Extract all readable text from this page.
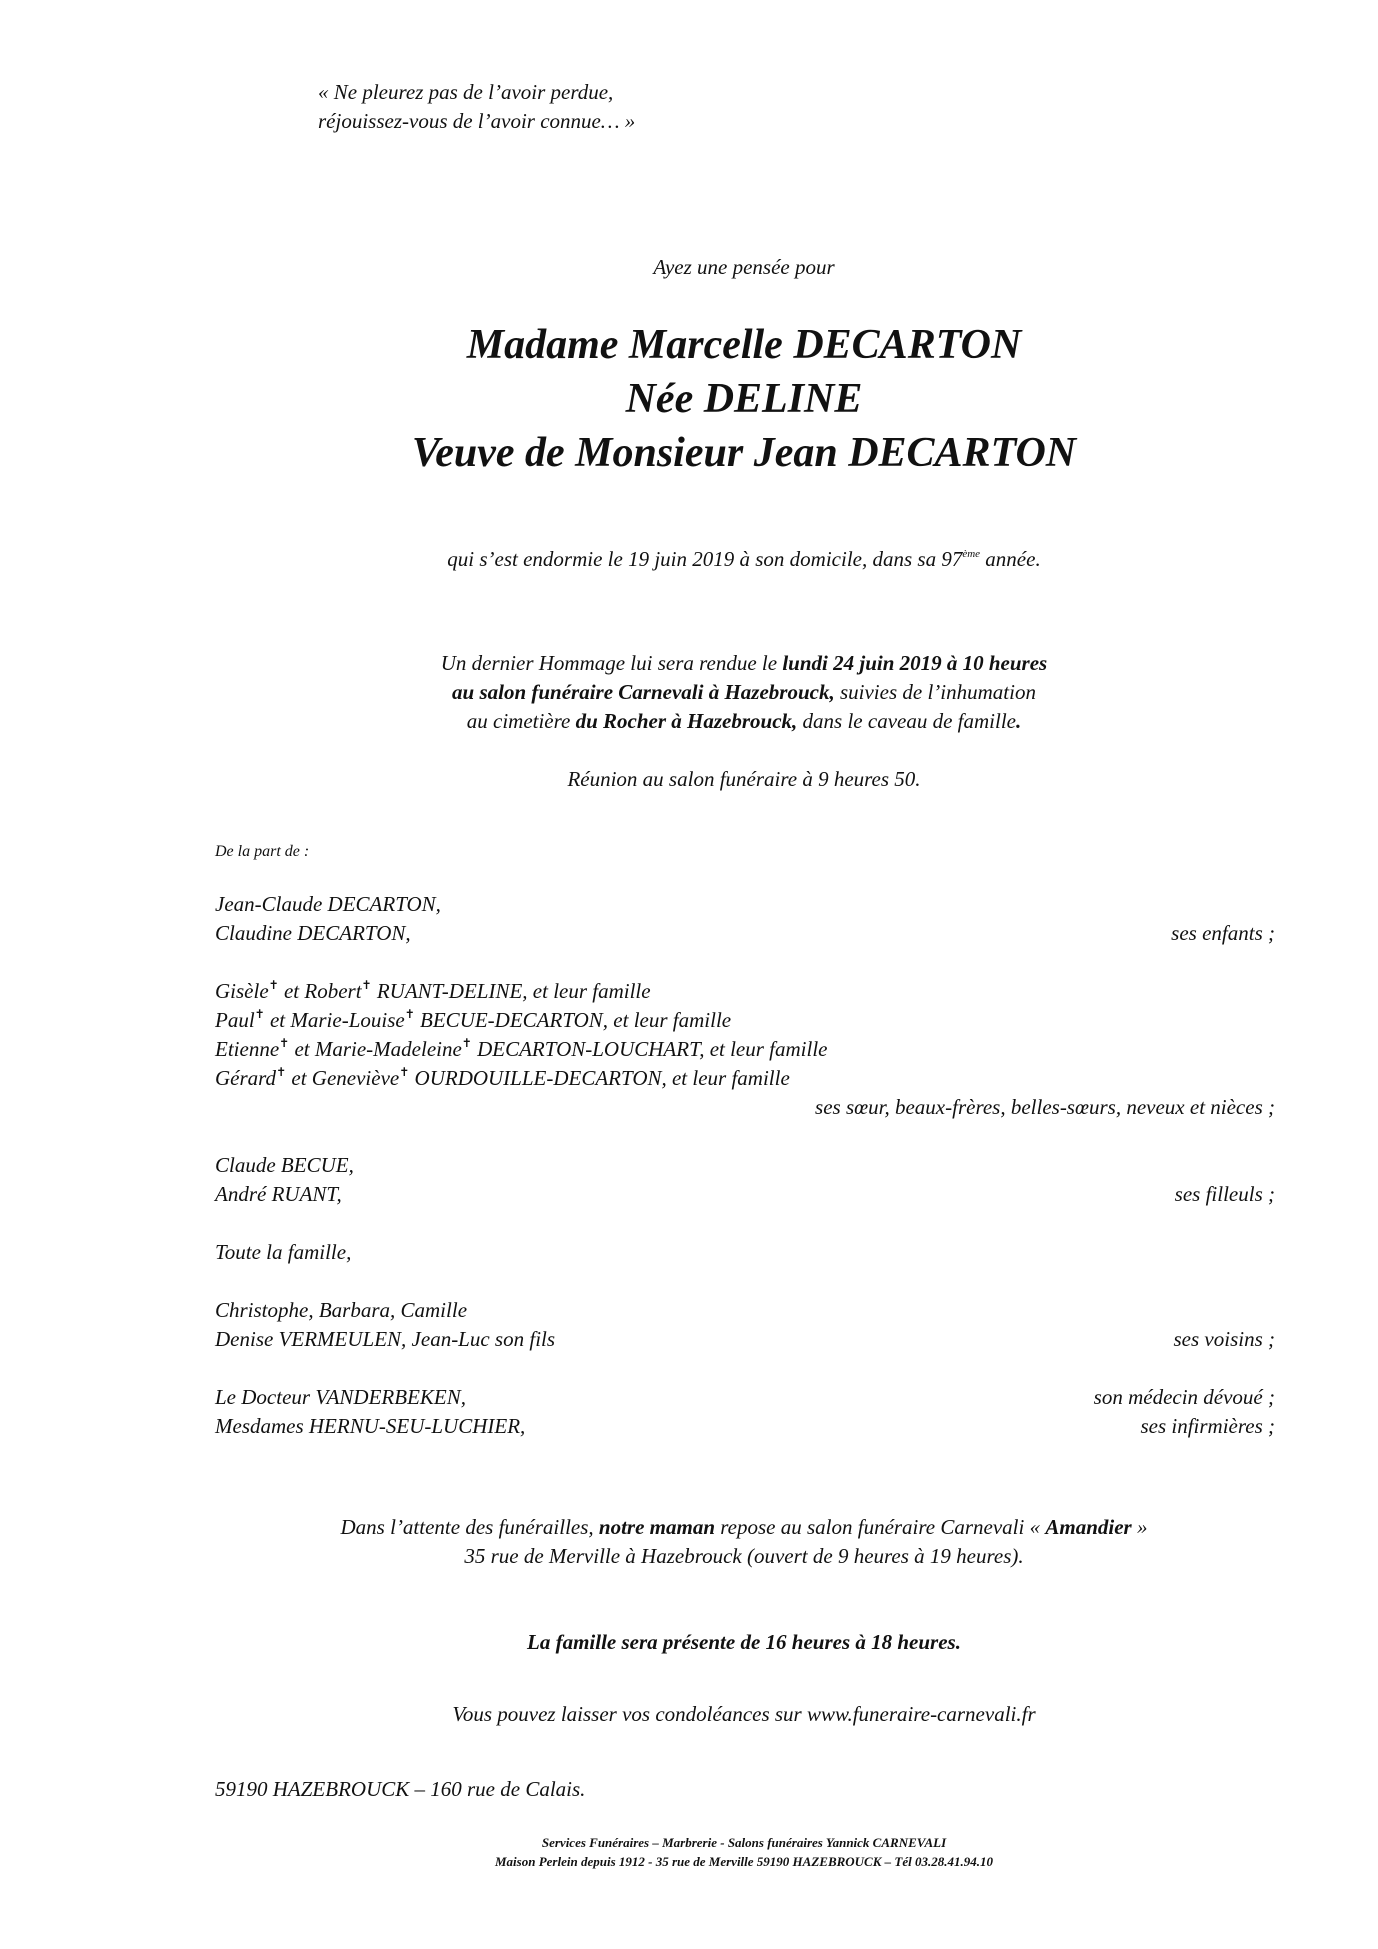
« Ne pleurez pas de l’avoir perdue,
réjouissez-vous de l’avoir connue… »
Ayez une pensée pour
Madame Marcelle DECARTON
Née DELINE
Veuve de Monsieur Jean DECARTON
qui s’est endormie le 19 juin 2019 à son domicile, dans sa 97ème année.
Un dernier Hommage lui sera rendue le lundi 24 juin 2019 à 10 heures
au salon funéraire Carnevali à Hazebrouck, suivies de l’inhumation
au cimetière du Rocher à Hazebrouck, dans le caveau de famille.
Réunion au salon funéraire à 9 heures 50.
De la part de :
Jean-Claude DECARTON,
Claudine DECARTON,	ses enfants ;
Gisèle✝ et Robert✝ RUANT-DELINE, et leur famille
Paul✝ et Marie-Louise✝ BECUE-DECARTON, et leur famille
Etienne✝ et Marie-Madeleine✝ DECARTON-LOUCHART, et leur famille
Gérard✝ et Geneviève✝ OURDOUILLE-DECARTON, et leur famille
ses sœur, beaux-frères, belles-sœurs, neveux et nièces ;
Claude BECUE,
André RUANT,	ses filleuls ;
Toute la famille,
Christophe, Barbara, Camille
Denise VERMEULEN, Jean-Luc son fils	ses voisins ;
Le Docteur VANDERBEKEN,	son médecin dévoué ;
Mesdames HERNU-SEU-LUCHIER,	ses infirmières ;
Dans l’attente des funérailles, notre maman repose au salon funéraire Carnevali « Amandier »
35 rue de Merville à Hazebrouck (ouvert de 9 heures à 19 heures).
La famille sera présente de 16 heures à 18 heures.
Vous pouvez laisser vos condoléances sur www.funeraire-carnevali.fr
59190 HAZEBROUCK – 160 rue de Calais.
Services Funéraires – Marbrerie - Salons funéraires Yannick CARNEVALI
Maison Perlein depuis 1912 - 35 rue de Merville 59190 HAZEBROUCK – Tél 03.28.41.94.10
